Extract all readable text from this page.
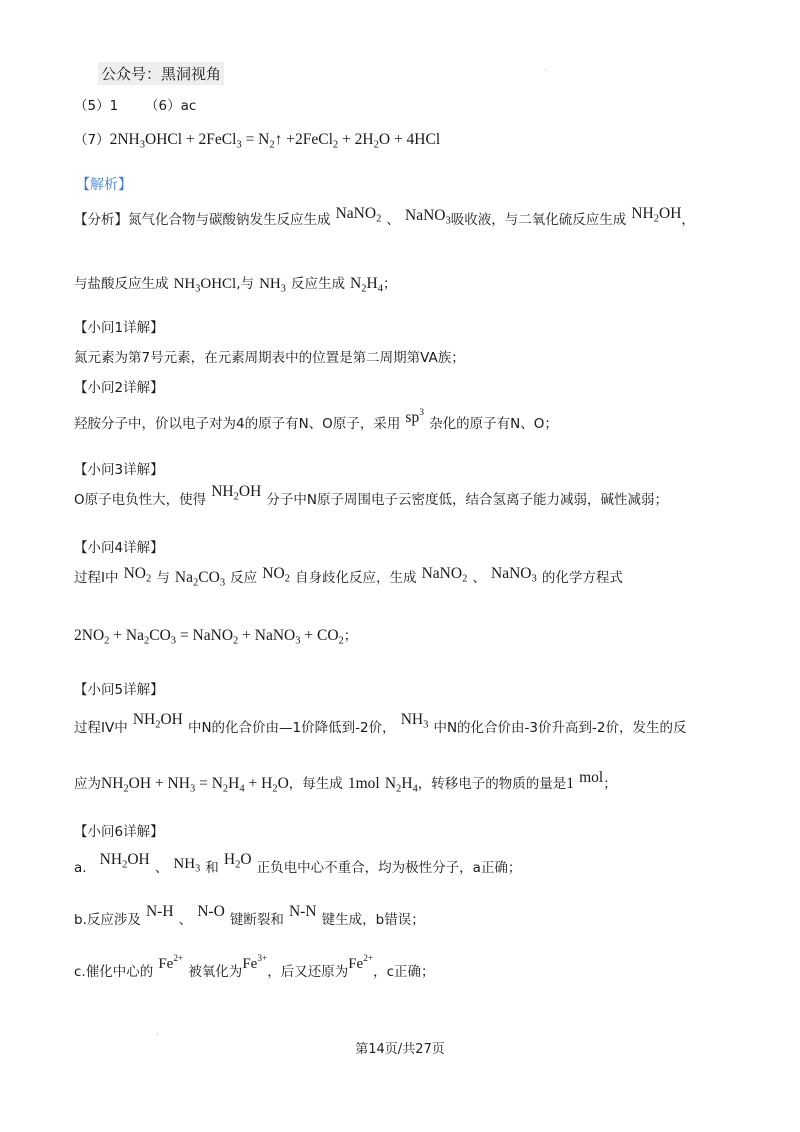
公众号：黑洞视角	·
（5）1 （6）ac
$(7)2NH_3OHCl$ + 2FeCl$_3$ = $N_2↑$ +2FeCl$_2$ + $2H_2O + 4HCl$
【解析】
【分析】氮气化合物与碳酸钠发生反应生成 NaNO$_2$ 、 NaNO$_3$吸收液，与二氧化硫反应生成 $NH_2OH$，
与盐酸反应生成 $NH_3OHCl$,与 $NH_3$ 反应生成 $N_2H_4$；
【小问1详解】
氮元素为第7号元素，在元素周期表中的位置是第二周期第VA族；
【小问2详解】
羟胺分子中，价以电子对为4的原子有N、O原子，采用 $sp^3$ 杂化的原子有N、O；
【小问3详解】
O原子电负性大，使得 $NH_2OH$ 分子中N原子周围电子云密度低，结合氢离子能力减弱，碱性减弱；
【小问4详解】
过程I中 $NO_2$ 与 $Na_2CO_3$ 反应 $NO_2$ 自身歧化反应，生成 NaNO$_2$ 、 NaNO$_3$ 的化学方程式
$2NO_2 + Na_2CO_3$ = NaNO$_2$ + NaNO$_3$ + $CO_2$；
【小问5详解】
过程IV中 $NH_2OH$ 中N的化合价由—1价降低到-2价， $NH_3$ 中N的化合价由-3价升高到-2价，发生的反
应为$NH_2OH + NH_3 = N_2H_4 + H_2O$，每生成 1mol $N_2H_4$，转移电子的物质的量是1 mol；
【小问6详解】
a. $NH_2OH$ 、 $NH_3$ 和 $H_2O$ 正负电中心不重合，均为极性分子，a正确；
b.反应涉及 N-H 、 N-O 键断裂和 N-N 键生成，b错误；
c.催化中心的 $Fe^{2+}$ 被氧化为$Fe^{3+}$，后又还原为$Fe^{2+}$，c正确；
·
第14页/共27页
